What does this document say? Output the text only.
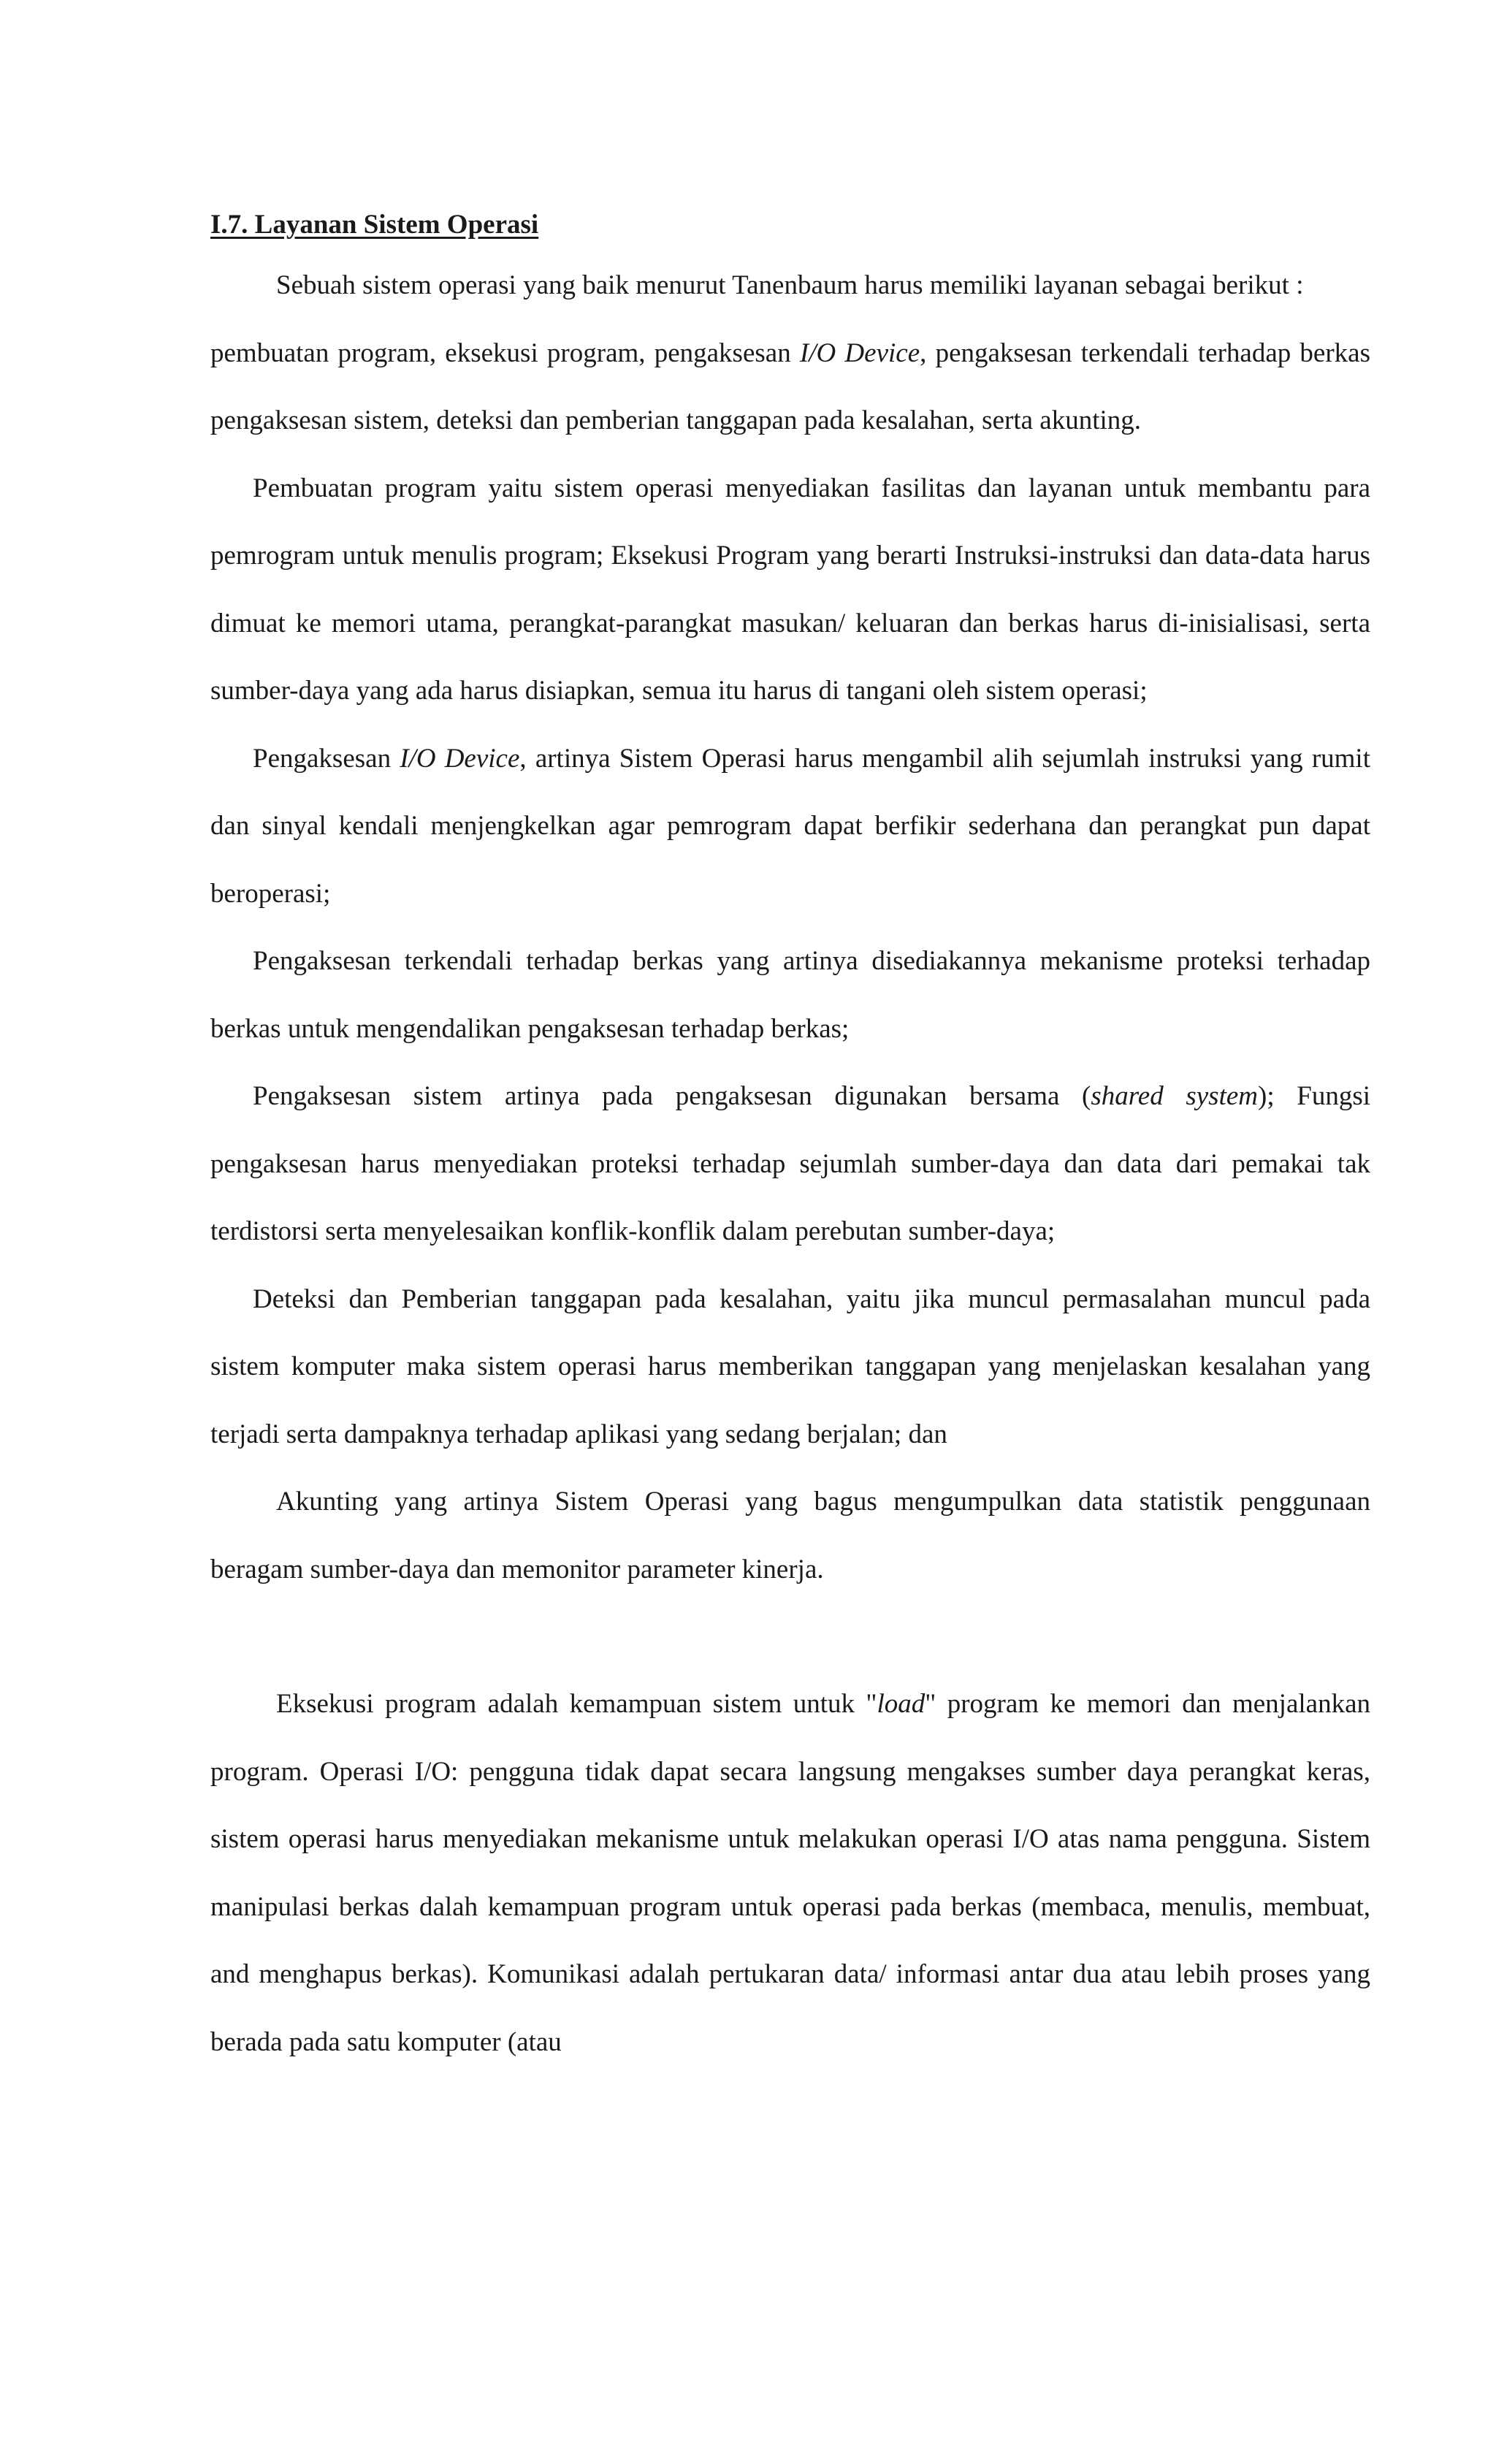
I.7. Layanan Sistem Operasi

Sebuah sistem operasi yang baik menurut Tanenbaum harus memiliki layanan sebagai berikut :

pembuatan program, eksekusi program, pengaksesan I/O Device, pengaksesan terkendali terhadap berkas pengaksesan sistem, deteksi dan pemberian tanggapan pada kesalahan, serta akunting.

Pembuatan program yaitu sistem operasi menyediakan fasilitas dan layanan untuk membantu para pemrogram untuk menulis program; Eksekusi Program yang berarti Instruksi-instruksi dan data-data harus dimuat ke memori utama, perangkat-parangkat masukan/ keluaran dan berkas harus di-inisialisasi, serta sumber-daya yang ada harus disiapkan, semua itu harus di tangani oleh sistem operasi;

Pengaksesan I/O Device, artinya Sistem Operasi harus mengambil alih sejumlah instruksi yang rumit dan sinyal kendali menjengkelkan agar pemrogram dapat berfikir sederhana dan perangkat pun dapat beroperasi;

Pengaksesan terkendali terhadap berkas yang artinya disediakannya mekanisme proteksi terhadap berkas untuk mengendalikan pengaksesan terhadap berkas;

Pengaksesan sistem artinya pada pengaksesan digunakan bersama (shared system); Fungsi pengaksesan harus menyediakan proteksi terhadap sejumlah sumber-daya dan data dari pemakai tak terdistorsi serta menyelesaikan konflik-konflik dalam perebutan sumber-daya;

Deteksi dan Pemberian tanggapan pada kesalahan, yaitu jika muncul permasalahan muncul pada sistem komputer maka sistem operasi harus memberikan tanggapan yang menjelaskan kesalahan yang terjadi serta dampaknya terhadap aplikasi yang sedang berjalan; dan

Akunting yang artinya Sistem Operasi yang bagus mengumpulkan data statistik penggunaan beragam sumber-daya dan memonitor parameter kinerja.

Eksekusi program adalah kemampuan sistem untuk "load" program ke memori dan menjalankan program. Operasi I/O: pengguna tidak dapat secara langsung mengakses sumber daya perangkat keras, sistem operasi harus menyediakan mekanisme untuk melakukan operasi I/O atas nama pengguna. Sistem manipulasi berkas dalah kemampuan program untuk operasi pada berkas (membaca, menulis, membuat, and menghapus berkas). Komunikasi adalah pertukaran data/ informasi antar dua atau lebih proses yang berada pada satu komputer (atau
